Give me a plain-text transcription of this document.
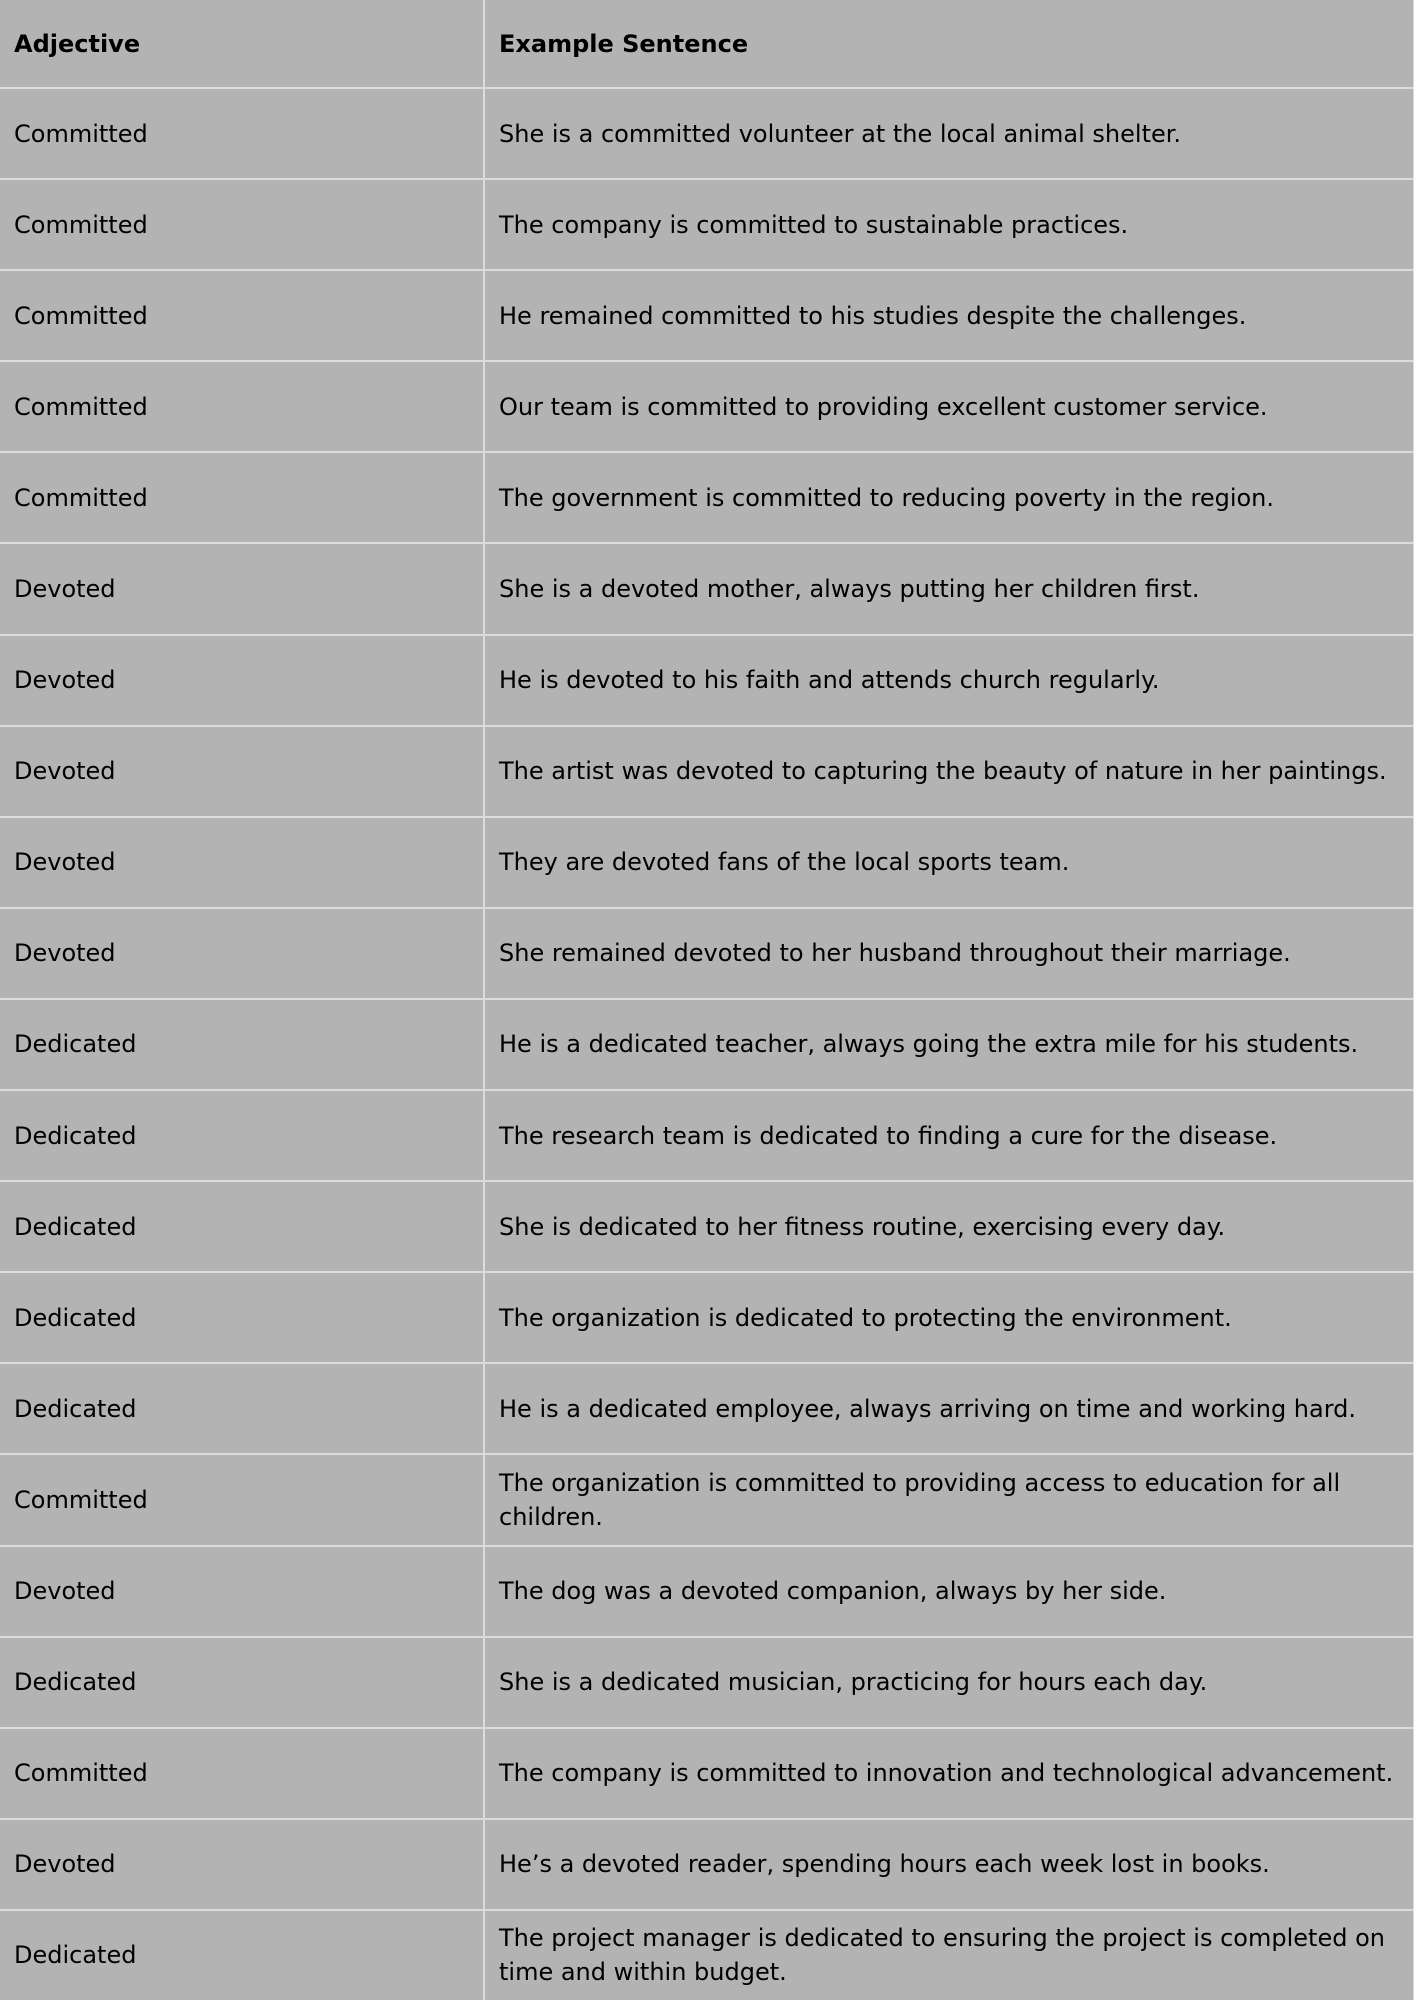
Adjective	Example Sentence
Committed	She is a committed volunteer at the local animal shelter.
Committed	The company is committed to sustainable practices.
Committed	He remained committed to his studies despite the challenges.
Committed	Our team is committed to providing excellent customer service.
Committed	The government is committed to reducing poverty in the region.
Devoted	She is a devoted mother, always putting her children first.
Devoted	He is devoted to his faith and attends church regularly.
Devoted	The artist was devoted to capturing the beauty of nature in her paintings.
Devoted	They are devoted fans of the local sports team.
Devoted	She remained devoted to her husband throughout their marriage.
Dedicated	He is a dedicated teacher, always going the extra mile for his students.
Dedicated	The research team is dedicated to finding a cure for the disease.
Dedicated	She is dedicated to her fitness routine, exercising every day.
Dedicated	The organization is dedicated to protecting the environment.
Dedicated	He is a dedicated employee, always arriving on time and working hard.
Committed	The organization is committed to providing access to education for all children.
Devoted	The dog was a devoted companion, always by her side.
Dedicated	She is a dedicated musician, practicing for hours each day.
Committed	The company is committed to innovation and technological advancement.
Devoted	He’s a devoted reader, spending hours each week lost in books.
Dedicated	The project manager is dedicated to ensuring the project is completed on time and within budget.
